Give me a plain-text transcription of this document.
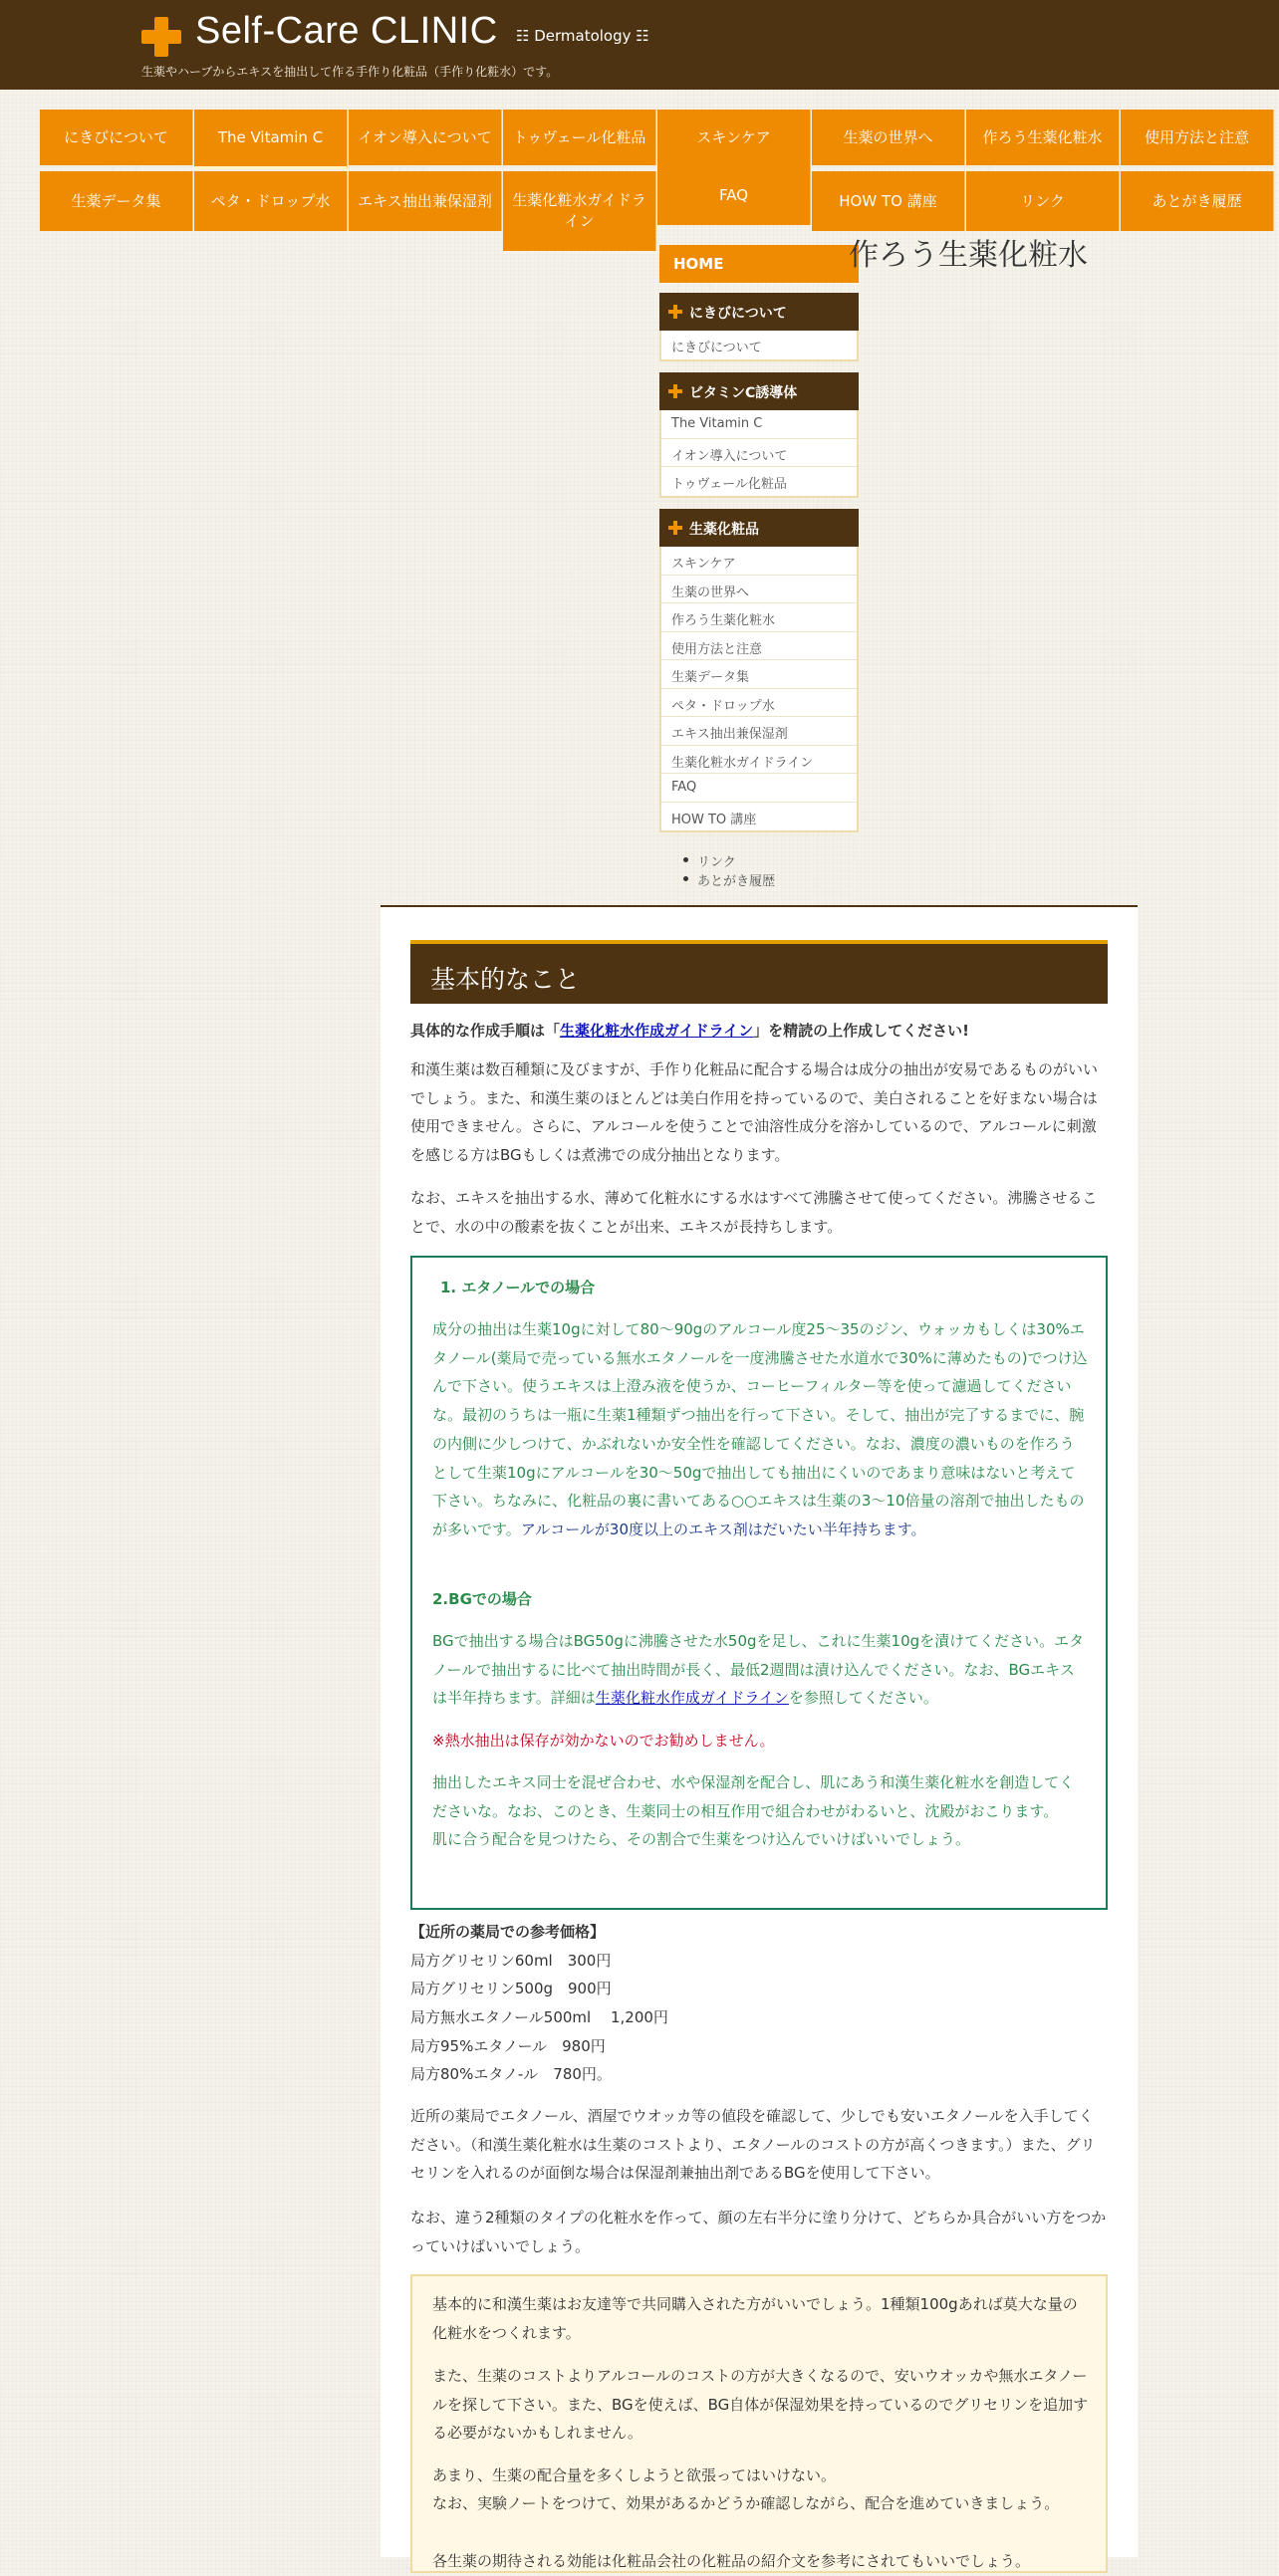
Self-Care CLINIC ☷ Dermatology ☷
生薬やハーブからエキスを抽出して作る手作り化粧品（手作り化粧水）です。
にきびについて	The Vitamin C	イオン導入について	トゥヴェール化粧品	スキンケア	生薬の世界へ	作ろう生薬化粧水	使用方法と注意
生薬データ集	ペタ・ドロップ水	エキス抽出兼保湿剤	生薬化粧水ガイドライン
FAQ	HOW TO 講座	リンク	あとがき履歴
HOME
にきびについて
にきびについて
ビタミンC誘導体
The Vitamin C
イオン導入について
トゥヴェール化粧品
生薬化粧品
スキンケア
生薬の世界へ
作ろう生薬化粧水
使用方法と注意
生薬データ集
ペタ・ドロップ水
エキス抽出兼保湿剤
生薬化粧水ガイドライン
FAQ
HOW TO 講座
リンク
あとがき履歴
作ろう生薬化粧水
基本的なこと
具体的な作成手順は「生薬化粧水作成ガイドライン」を精読の上作成してください!
和漢生薬は数百種類に及びますが、手作り化粧品に配合する場合は成分の抽出が安易であるものがいいでしょう。また、和漢生薬のほとんどは美白作用を持っているので、美白されることを好まない場合は使用できません。さらに、アルコールを使うことで油溶性成分を溶かしているので、アルコールに刺激を感じる方はBGもしくは煮沸での成分抽出となります。
なお、エキスを抽出する水、薄めて化粧水にする水はすべて沸騰させて使ってください。沸騰させることで、水の中の酸素を抜くことが出来、エキスが長持ちします。
1. エタノールでの場合
成分の抽出は生薬10gに対して80～90gのアルコール度25～35のジン、ウォッカもしくは30%エタノール(薬局で売っている無水エタノールを一度沸騰させた水道水で30%に薄めたもの)でつけ込んで下さい。使うエキスは上澄み液を使うか、コーヒーフィルター等を使って濾過してくださいな。最初のうちは一瓶に生薬1種類ずつ抽出を行って下さい。そして、抽出が完了するまでに、腕の内側に少しつけて、かぶれないか安全性を確認してください。なお、濃度の濃いものを作ろうとして生薬10gにアルコールを30～50gで抽出しても抽出にくいのであまり意味はないと考えて下さい。ちなみに、化粧品の裏に書いてある○○エキスは生薬の3～10倍量の溶剤で抽出したものが多いです。アルコールが30度以上のエキス剤はだいたい半年持ちます。
2.BGでの場合
BGで抽出する場合はBG50gに沸騰させた水50gを足し、これに生薬10gを漬けてください。エタノールで抽出するに比べて抽出時間が長く、最低2週間は漬け込んでください。なお、BGエキスは半年持ちます。詳細は生薬化粧水作成ガイドラインを参照してください。
※熱水抽出は保存が効かないのでお勧めしません。
抽出したエキス同士を混ぜ合わせ、水や保湿剤を配合し、肌にあう和漢生薬化粧水を創造してくださいな。なお、このとき、生薬同士の相互作用で組合わせがわるいと、沈殿がおこります。
肌に合う配合を見つけたら、その割合で生薬をつけ込んでいけばいいでしょう。
【近所の薬局での参考価格】
局方グリセリン60ml　300円
局方グリセリン500g　900円
局方無水エタノール500ml　 1,200円
局方95%エタノール　980円
局方80%エタノ-ル　780円。
近所の薬局でエタノール、酒屋でウオッカ等の値段を確認して、少しでも安いエタノールを入手してください。（和漢生薬化粧水は生薬のコストより、エタノールのコストの方が高くつきます。）また、グリセリンを入れるのが面倒な場合は保湿剤兼抽出剤であるBGを使用して下さい。
なお、違う2種類のタイプの化粧水を作って、顔の左右半分に塗り分けて、どちらか具合がいい方をつかっていけばいいでしょう。
基本的に和漢生薬はお友達等で共同購入された方がいいでしょう。1種類100gあれば莫大な量の化粧水をつくれます。
また、生薬のコストよりアルコールのコストの方が大きくなるので、安いウオッカや無水エタノールを探して下さい。また、BGを使えば、BG自体が保湿効果を持っているのでグリセリンを追加する必要がないかもしれません。
あまり、生薬の配合量を多くしようと欲張ってはいけない。
なお、実験ノートをつけて、効果があるかどうか確認しながら、配合を進めていきましょう。
各生薬の期待される効能は化粧品会社の化粧品の紹介文を参考にされてもいいでしょう。
